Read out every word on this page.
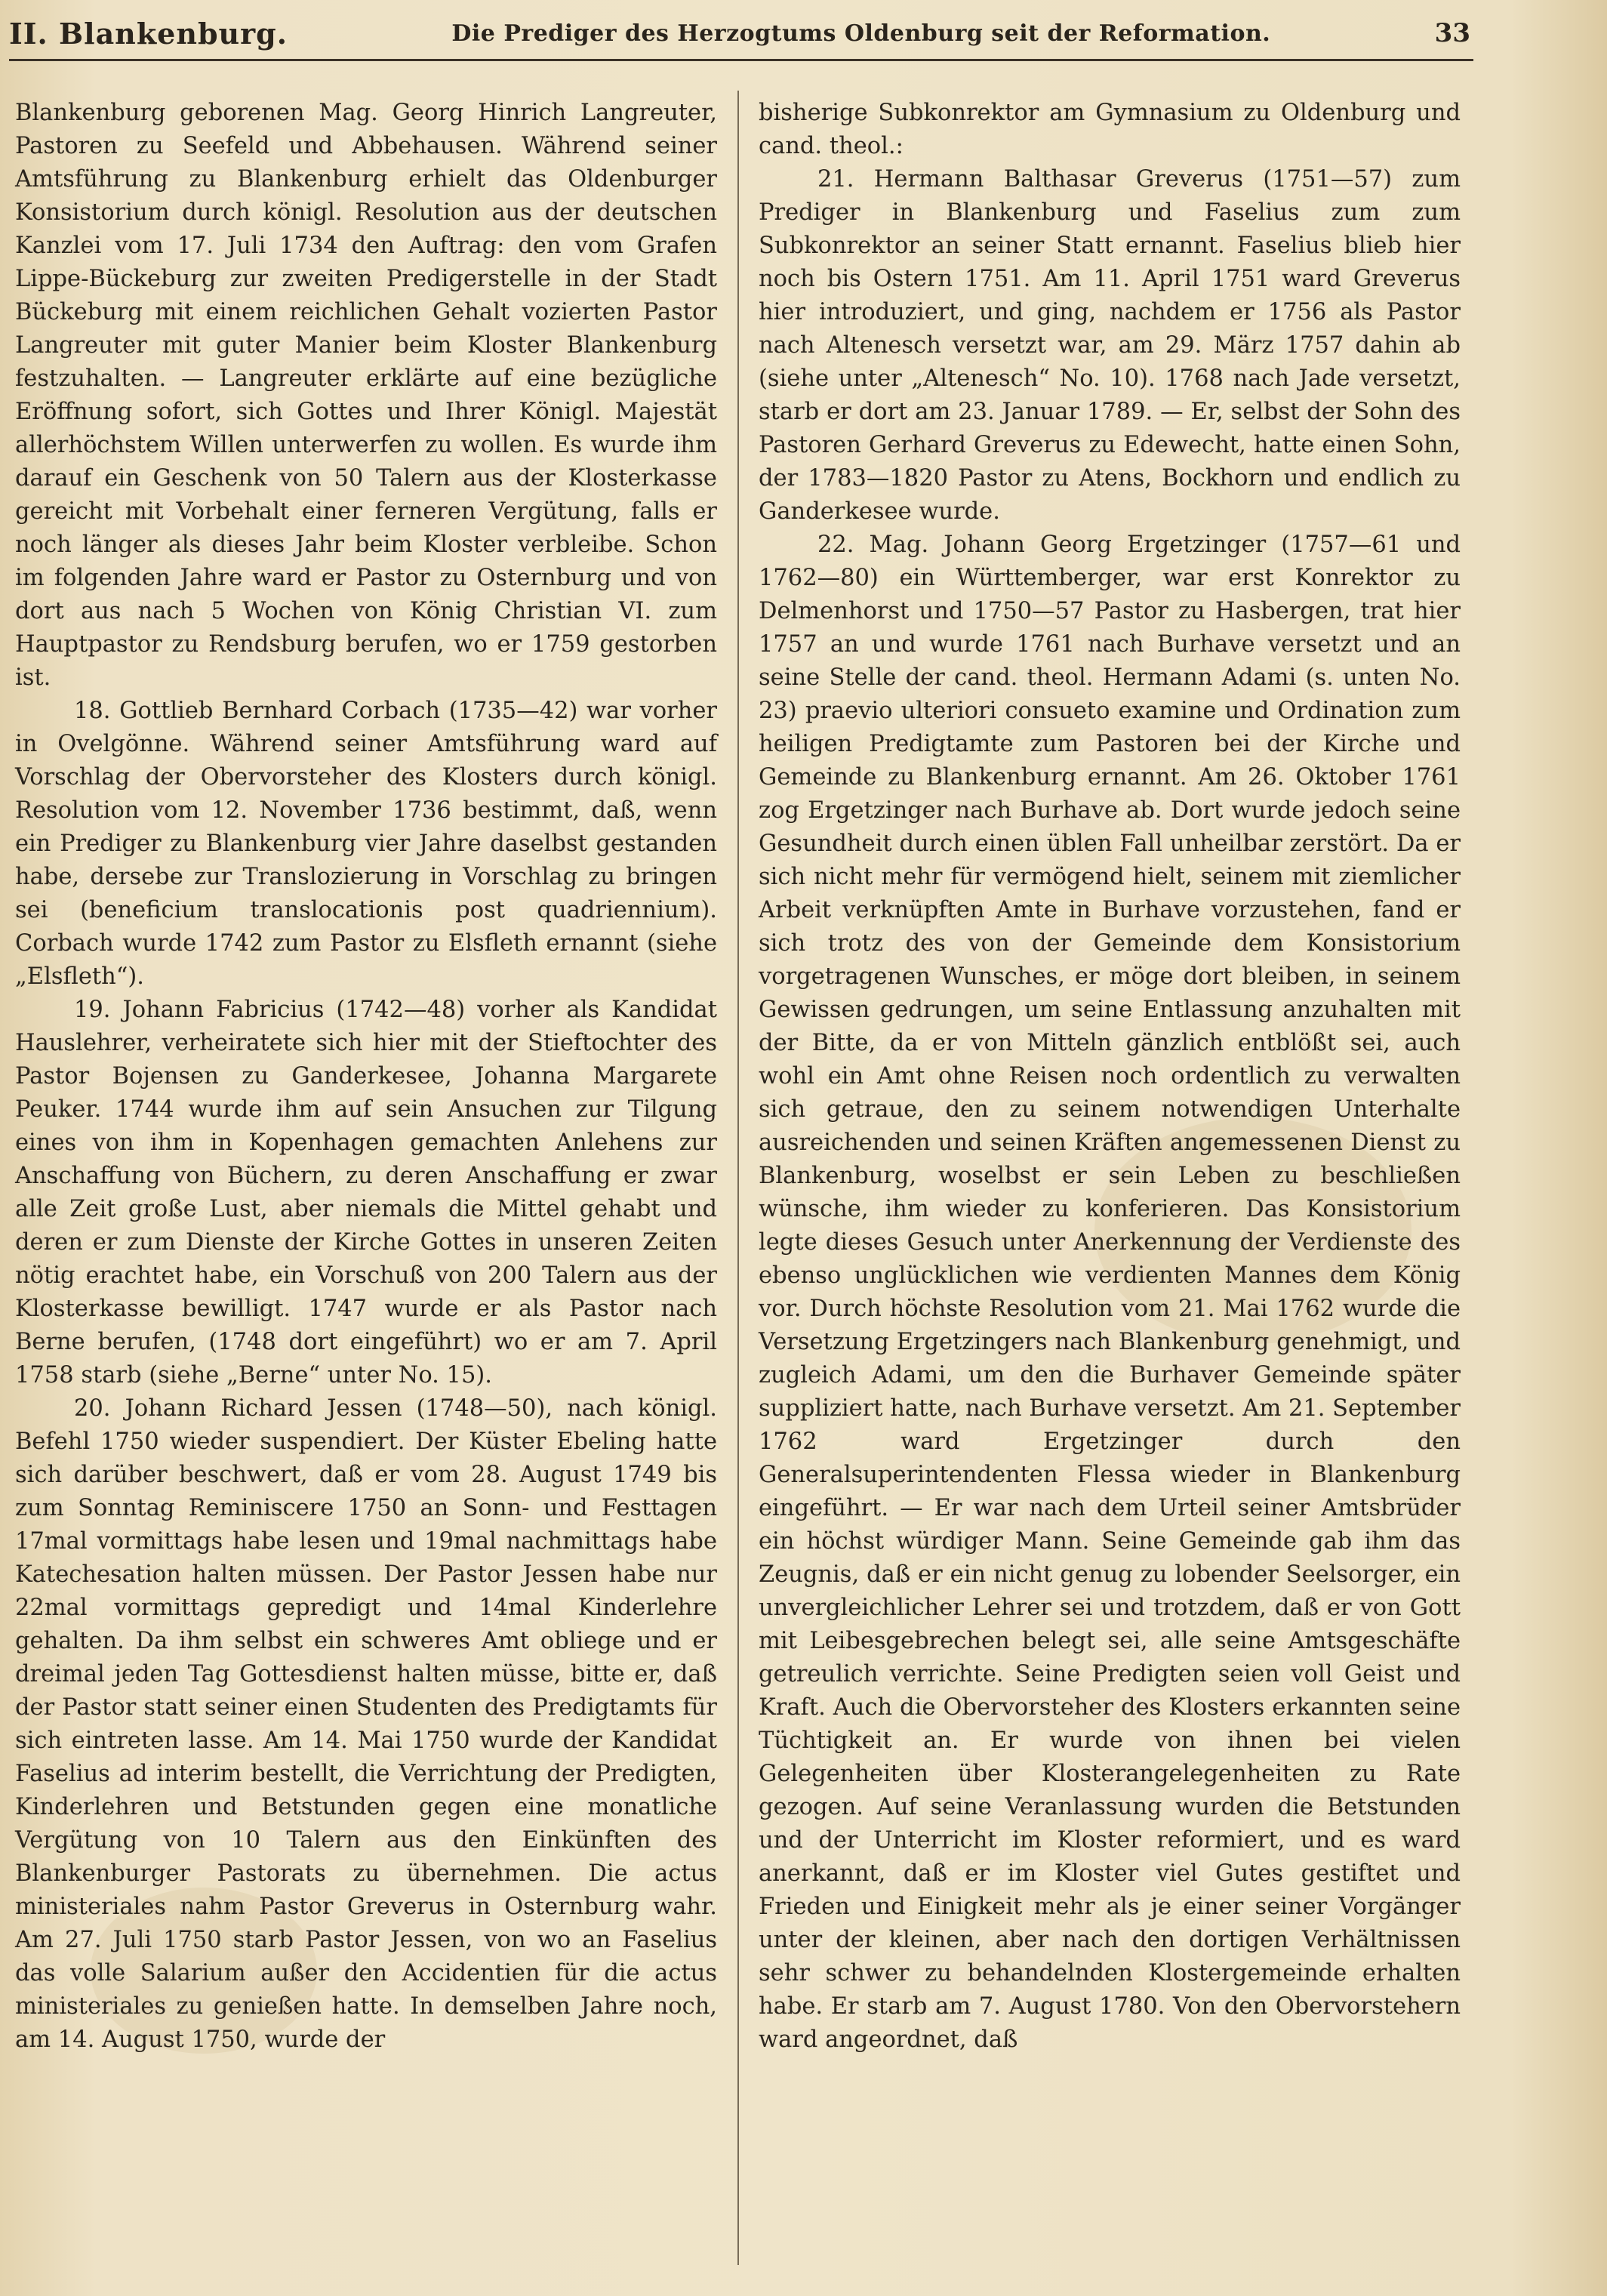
II. Blankenburg.	Die Prediger des Herzogtums Oldenburg seit der Reformation.	33

Blankenburg geborenen Mag. Georg Hinrich Langreuter, Pastoren zu Seefeld und Abbehausen. Während seiner Amtsführung zu Blankenburg erhielt das Oldenburger Konsistorium durch königl. Resolution aus der deutschen Kanzlei vom 17. Juli 1734 den Auftrag: den vom Grafen Lippe-Bückeburg zur zweiten Predigerstelle in der Stadt Bückeburg mit einem reichlichen Gehalt vozierten Pastor Langreuter mit guter Manier beim Kloster Blankenburg festzuhalten. — Langreuter erklärte auf eine bezügliche Eröffnung sofort, sich Gottes und Ihrer Königl. Majestät allerhöchstem Willen unterwerfen zu wollen. Es wurde ihm darauf ein Geschenk von 50 Talern aus der Klosterkasse gereicht mit Vorbehalt einer ferneren Vergütung, falls er noch länger als dieses Jahr beim Kloster verbleibe. Schon im folgenden Jahre ward er Pastor zu Osternburg und von dort aus nach 5 Wochen von König Christian VI. zum Hauptpastor zu Rendsburg berufen, wo er 1759 gestorben ist.

18. Gottlieb Bernhard Corbach (1735—42) war vorher in Ovelgönne. Während seiner Amtsführung ward auf Vorschlag der Obervorsteher des Klosters durch königl. Resolution vom 12. November 1736 bestimmt, daß, wenn ein Prediger zu Blankenburg vier Jahre daselbst gestanden habe, dersebe zur Translozierung in Vorschlag zu bringen sei (beneficium translocationis post quadriennium). Corbach wurde 1742 zum Pastor zu Elsfleth ernannt (siehe „Elsfleth“).

19. Johann Fabricius (1742—48) vorher als Kandidat Hauslehrer, verheiratete sich hier mit der Stieftochter des Pastor Bojensen zu Ganderkesee, Johanna Margarete Peuker. 1744 wurde ihm auf sein Ansuchen zur Tilgung eines von ihm in Kopenhagen gemachten Anlehens zur Anschaffung von Büchern, zu deren Anschaffung er zwar alle Zeit große Lust, aber niemals die Mittel gehabt und deren er zum Dienste der Kirche Gottes in unseren Zeiten nötig erachtet habe, ein Vorschuß von 200 Talern aus der Klosterkasse bewilligt. 1747 wurde er als Pastor nach Berne berufen, (1748 dort eingeführt) wo er am 7. April 1758 starb (siehe „Berne“ unter No. 15).

20. Johann Richard Jessen (1748—50), nach königl. Befehl 1750 wieder suspendiert. Der Küster Ebeling hatte sich darüber beschwert, daß er vom 28. August 1749 bis zum Sonntag Reminiscere 1750 an Sonn- und Festtagen 17mal vormittags habe lesen und 19mal nachmittags habe Katechesation halten müssen. Der Pastor Jessen habe nur 22mal vormittags gepredigt und 14mal Kinderlehre gehalten. Da ihm selbst ein schweres Amt obliege und er dreimal jeden Tag Gottesdienst halten müsse, bitte er, daß der Pastor statt seiner einen Studenten des Predigtamts für sich eintreten lasse. Am 14. Mai 1750 wurde der Kandidat Faselius ad interim bestellt, die Verrichtung der Predigten, Kinderlehren und Betstunden gegen eine monatliche Vergütung von 10 Talern aus den Einkünften des Blankenburger Pastorats zu übernehmen. Die actus ministeriales nahm Pastor Greverus in Osternburg wahr. Am 27. Juli 1750 starb Pastor Jessen, von wo an Faselius das volle Salarium außer den Accidentien für die actus ministeriales zu genießen hatte. In demselben Jahre noch, am 14. August 1750, wurde der

bisherige Subkonrektor am Gymnasium zu Oldenburg und cand. theol.:

21. Hermann Balthasar Greverus (1751—57) zum Prediger in Blankenburg und Faselius zum zum Subkonrektor an seiner Statt ernannt. Faselius blieb hier noch bis Ostern 1751. Am 11. April 1751 ward Greverus hier introduziert, und ging, nachdem er 1756 als Pastor nach Altenesch versetzt war, am 29. März 1757 dahin ab (siehe unter „Altenesch“ No. 10). 1768 nach Jade versetzt, starb er dort am 23. Januar 1789. — Er, selbst der Sohn des Pastoren Gerhard Greverus zu Edewecht, hatte einen Sohn, der 1783—1820 Pastor zu Atens, Bockhorn und endlich zu Ganderkesee wurde.

22. Mag. Johann Georg Ergetzinger (1757—61 und 1762—80) ein Württemberger, war erst Konrektor zu Delmenhorst und 1750—57 Pastor zu Hasbergen, trat hier 1757 an und wurde 1761 nach Burhave versetzt und an seine Stelle der cand. theol. Hermann Adami (s. unten No. 23) praevio ulteriori consueto examine und Ordination zum heiligen Predigtamte zum Pastoren bei der Kirche und Gemeinde zu Blankenburg ernannt. Am 26. Oktober 1761 zog Ergetzinger nach Burhave ab. Dort wurde jedoch seine Gesundheit durch einen üblen Fall unheilbar zerstört. Da er sich nicht mehr für vermögend hielt, seinem mit ziemlicher Arbeit verknüpften Amte in Burhave vorzustehen, fand er sich trotz des von der Gemeinde dem Konsistorium vorgetragenen Wunsches, er möge dort bleiben, in seinem Gewissen gedrungen, um seine Entlassung anzuhalten mit der Bitte, da er von Mitteln gänzlich entblößt sei, auch wohl ein Amt ohne Reisen noch ordentlich zu verwalten sich getraue, den zu seinem notwendigen Unterhalte ausreichenden und seinen Kräften angemessenen Dienst zu Blankenburg, woselbst er sein Leben zu beschließen wünsche, ihm wieder zu konferieren. Das Konsistorium legte dieses Gesuch unter Anerkennung der Verdienste des ebenso unglücklichen wie verdienten Mannes dem König vor. Durch höchste Resolution vom 21. Mai 1762 wurde die Versetzung Ergetzingers nach Blankenburg genehmigt, und zugleich Adami, um den die Burhaver Gemeinde später suppliziert hatte, nach Burhave versetzt. Am 21. September 1762 ward Ergetzinger durch den Generalsuperintendenten Flessa wieder in Blankenburg eingeführt. — Er war nach dem Urteil seiner Amtsbrüder ein höchst würdiger Mann. Seine Gemeinde gab ihm das Zeugnis, daß er ein nicht genug zu lobender Seelsorger, ein unvergleichlicher Lehrer sei und trotzdem, daß er von Gott mit Leibesgebrechen belegt sei, alle seine Amtsgeschäfte getreulich verrichte. Seine Predigten seien voll Geist und Kraft. Auch die Obervorsteher des Klosters erkannten seine Tüchtigkeit an. Er wurde von ihnen bei vielen Gelegenheiten über Klosterangelegenheiten zu Rate gezogen. Auf seine Veranlassung wurden die Betstunden und der Unterricht im Kloster reformiert, und es ward anerkannt, daß er im Kloster viel Gutes gestiftet und Frieden und Einigkeit mehr als je einer seiner Vorgänger unter der kleinen, aber nach den dortigen Verhältnissen sehr schwer zu behandelnden Klostergemeinde erhalten habe. Er starb am 7. August 1780. Von den Obervorstehern ward angeordnet, daß
